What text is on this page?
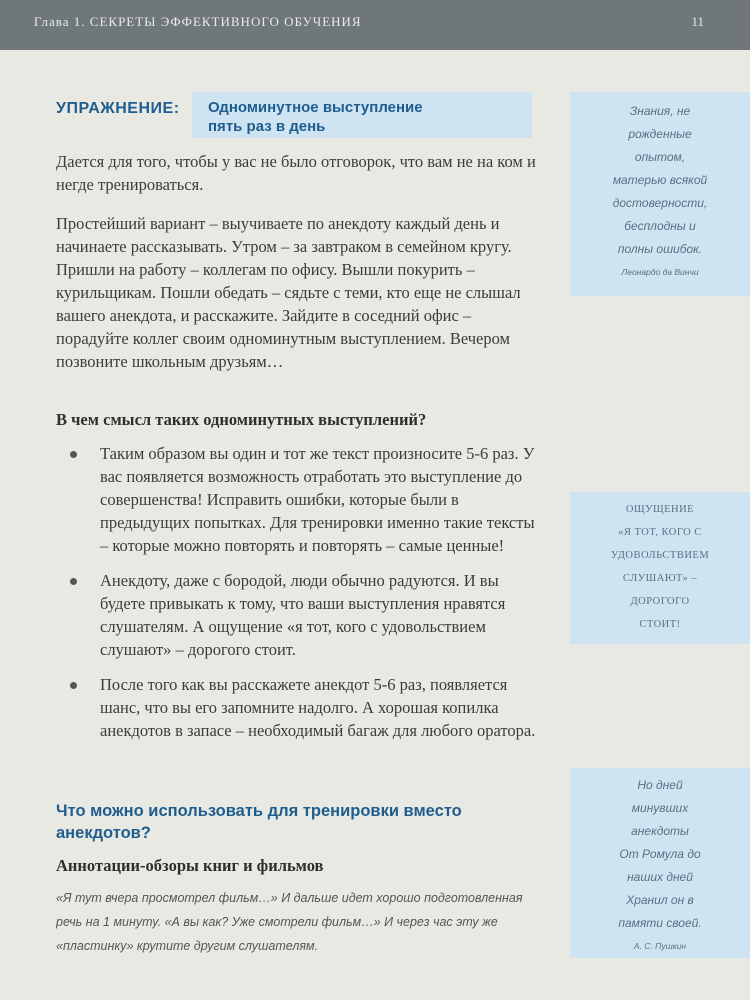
Глава 1. СЕКРЕТЫ ЭФФЕКТИВНОГО ОБУЧЕНИЯ	11
УПРАЖНЕНИЕ: Одноминутное выступление
пять раз в день

Дается для того, чтобы у вас не было отговорок, что вам не на ком и негде тренироваться.

Простейший вариант – выучиваете по анекдоту каждый день и начинаете рассказывать. Утром – за завтраком в семейном кругу. Пришли на работу – коллегам по офису. Вышли покурить – курильщикам. Пошли обедать – сядьте с теми, кто еще не слышал вашего анекдота, и расскажите. Зайдите в соседний офис – порадуйте коллег своим одноминутным выступлением. Вечером позвоните школьным друзьям…

В чем смысл таких одноминутных выступлений?
Таким образом вы один и тот же текст произносите 5-6 раз. У вас появляется возможность отработать это выступление до совершенства! Исправить ошибки, которые были в предыдущих попытках. Для тренировки именно такие тексты – которые можно повторять и повторять – самые ценные!
Анекдоту, даже с бородой, люди обычно радуются. И вы будете привыкать к тому, что ваши выступления нравятся слушателям. А ощущение «я тот, кого с удовольствием слушают» – дорогого стоит.
После того как вы расскажете анекдот 5-6 раз, появляется шанс, что вы его запомните надолго. А хорошая копилка анекдотов в запасе – необходимый багаж для любого оратора.
Что можно использовать для тренировки вместо анекдотов?
Аннотации-обзоры книг и фильмов
«Я тут вчера просмотрел фильм…» И дальше идет хорошо подготовленная речь на 1 минуту. «А вы как? Уже смотрели фильм…» И через час эту же «пластинку» крутите другим слушателям.
Знания, не
рожденные
опытом,
матерью всякой
достоверности,
бесплодны и
полны ошибок.
Леонардо да Винчи
ОЩУЩЕНИЕ
«Я ТОТ, КОГО С
УДОВОЛЬСТВИЕМ
СЛУШАЮТ» –
ДОРОГОГО
СТОИТ!
Но дней
минувших
анекдоты
От Ромула до
наших дней
Хранил он в
памяти своей.
А. С. Пушкин
